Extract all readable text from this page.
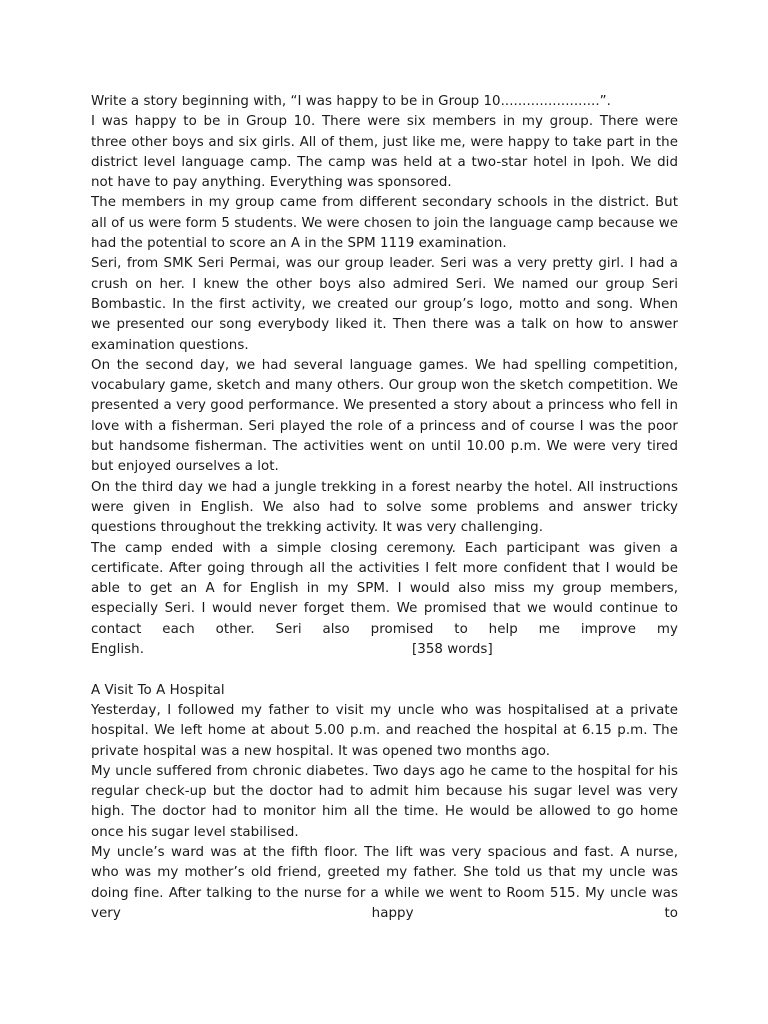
Write a story beginning with, “I was happy to be in Group 10.......................”.

I was happy to be in Group 10. There were six members in my group. There were three other boys and six girls. All of them, just like me, were happy to take part in the district level language camp. The camp was held at a two-star hotel in Ipoh. We did not have to pay anything. Everything was sponsored.

The members in my group came from different secondary schools in the district. But all of us were form 5 students. We were chosen to join the language camp because we had the potential to score an A in the SPM 1119 examination.

Seri, from SMK Seri Permai, was our group leader. Seri was a very pretty girl. I had a crush on her. I knew the other boys also admired Seri. We named our group Seri Bombastic. In the first activity, we created our group’s logo, motto and song. When we presented our song everybody liked it. Then there was a talk on how to answer examination questions.

On the second day, we had several language games. We had spelling competition, vocabulary game, sketch and many others. Our group won the sketch competition. We presented a very good performance. We presented a story about a princess who fell in love with a fisherman. Seri played the role of a princess and of course I was the poor but handsome fisherman. The activities went on until 10.00 p.m. We were very tired but enjoyed ourselves a lot.

On the third day we had a jungle trekking in a forest nearby the hotel. All instructions were given in English. We also had to solve some problems and answer tricky questions throughout the trekking activity. It was very challenging.

The camp ended with a simple closing ceremony. Each participant was given a certificate. After going through all the activities I felt more confident that I would be able to get an A for English in my SPM. I would also miss my group members, especially Seri. I would never forget them. We promised that we would continue to contact each other. Seri also promised to help me improve my

English.	[358 words]

A Visit To A Hospital

Yesterday, I followed my father to visit my uncle who was hospitalised at a private hospital. We left home at about 5.00 p.m. and reached the hospital at 6.15 p.m. The private hospital was a new hospital. It was opened two months ago.

My uncle suffered from chronic diabetes. Two days ago he came to the hospital for his regular check-up but the doctor had to admit him because his sugar level was very high. The doctor had to monitor him all the time. He would be allowed to go home once his sugar level stabilised.

My uncle’s ward was at the fifth floor. The lift was very spacious and fast. A nurse, who was my mother’s old friend, greeted my father. She told us that my uncle was doing fine. After talking to the nurse for a while we went to Room 515. My uncle was very happy to
